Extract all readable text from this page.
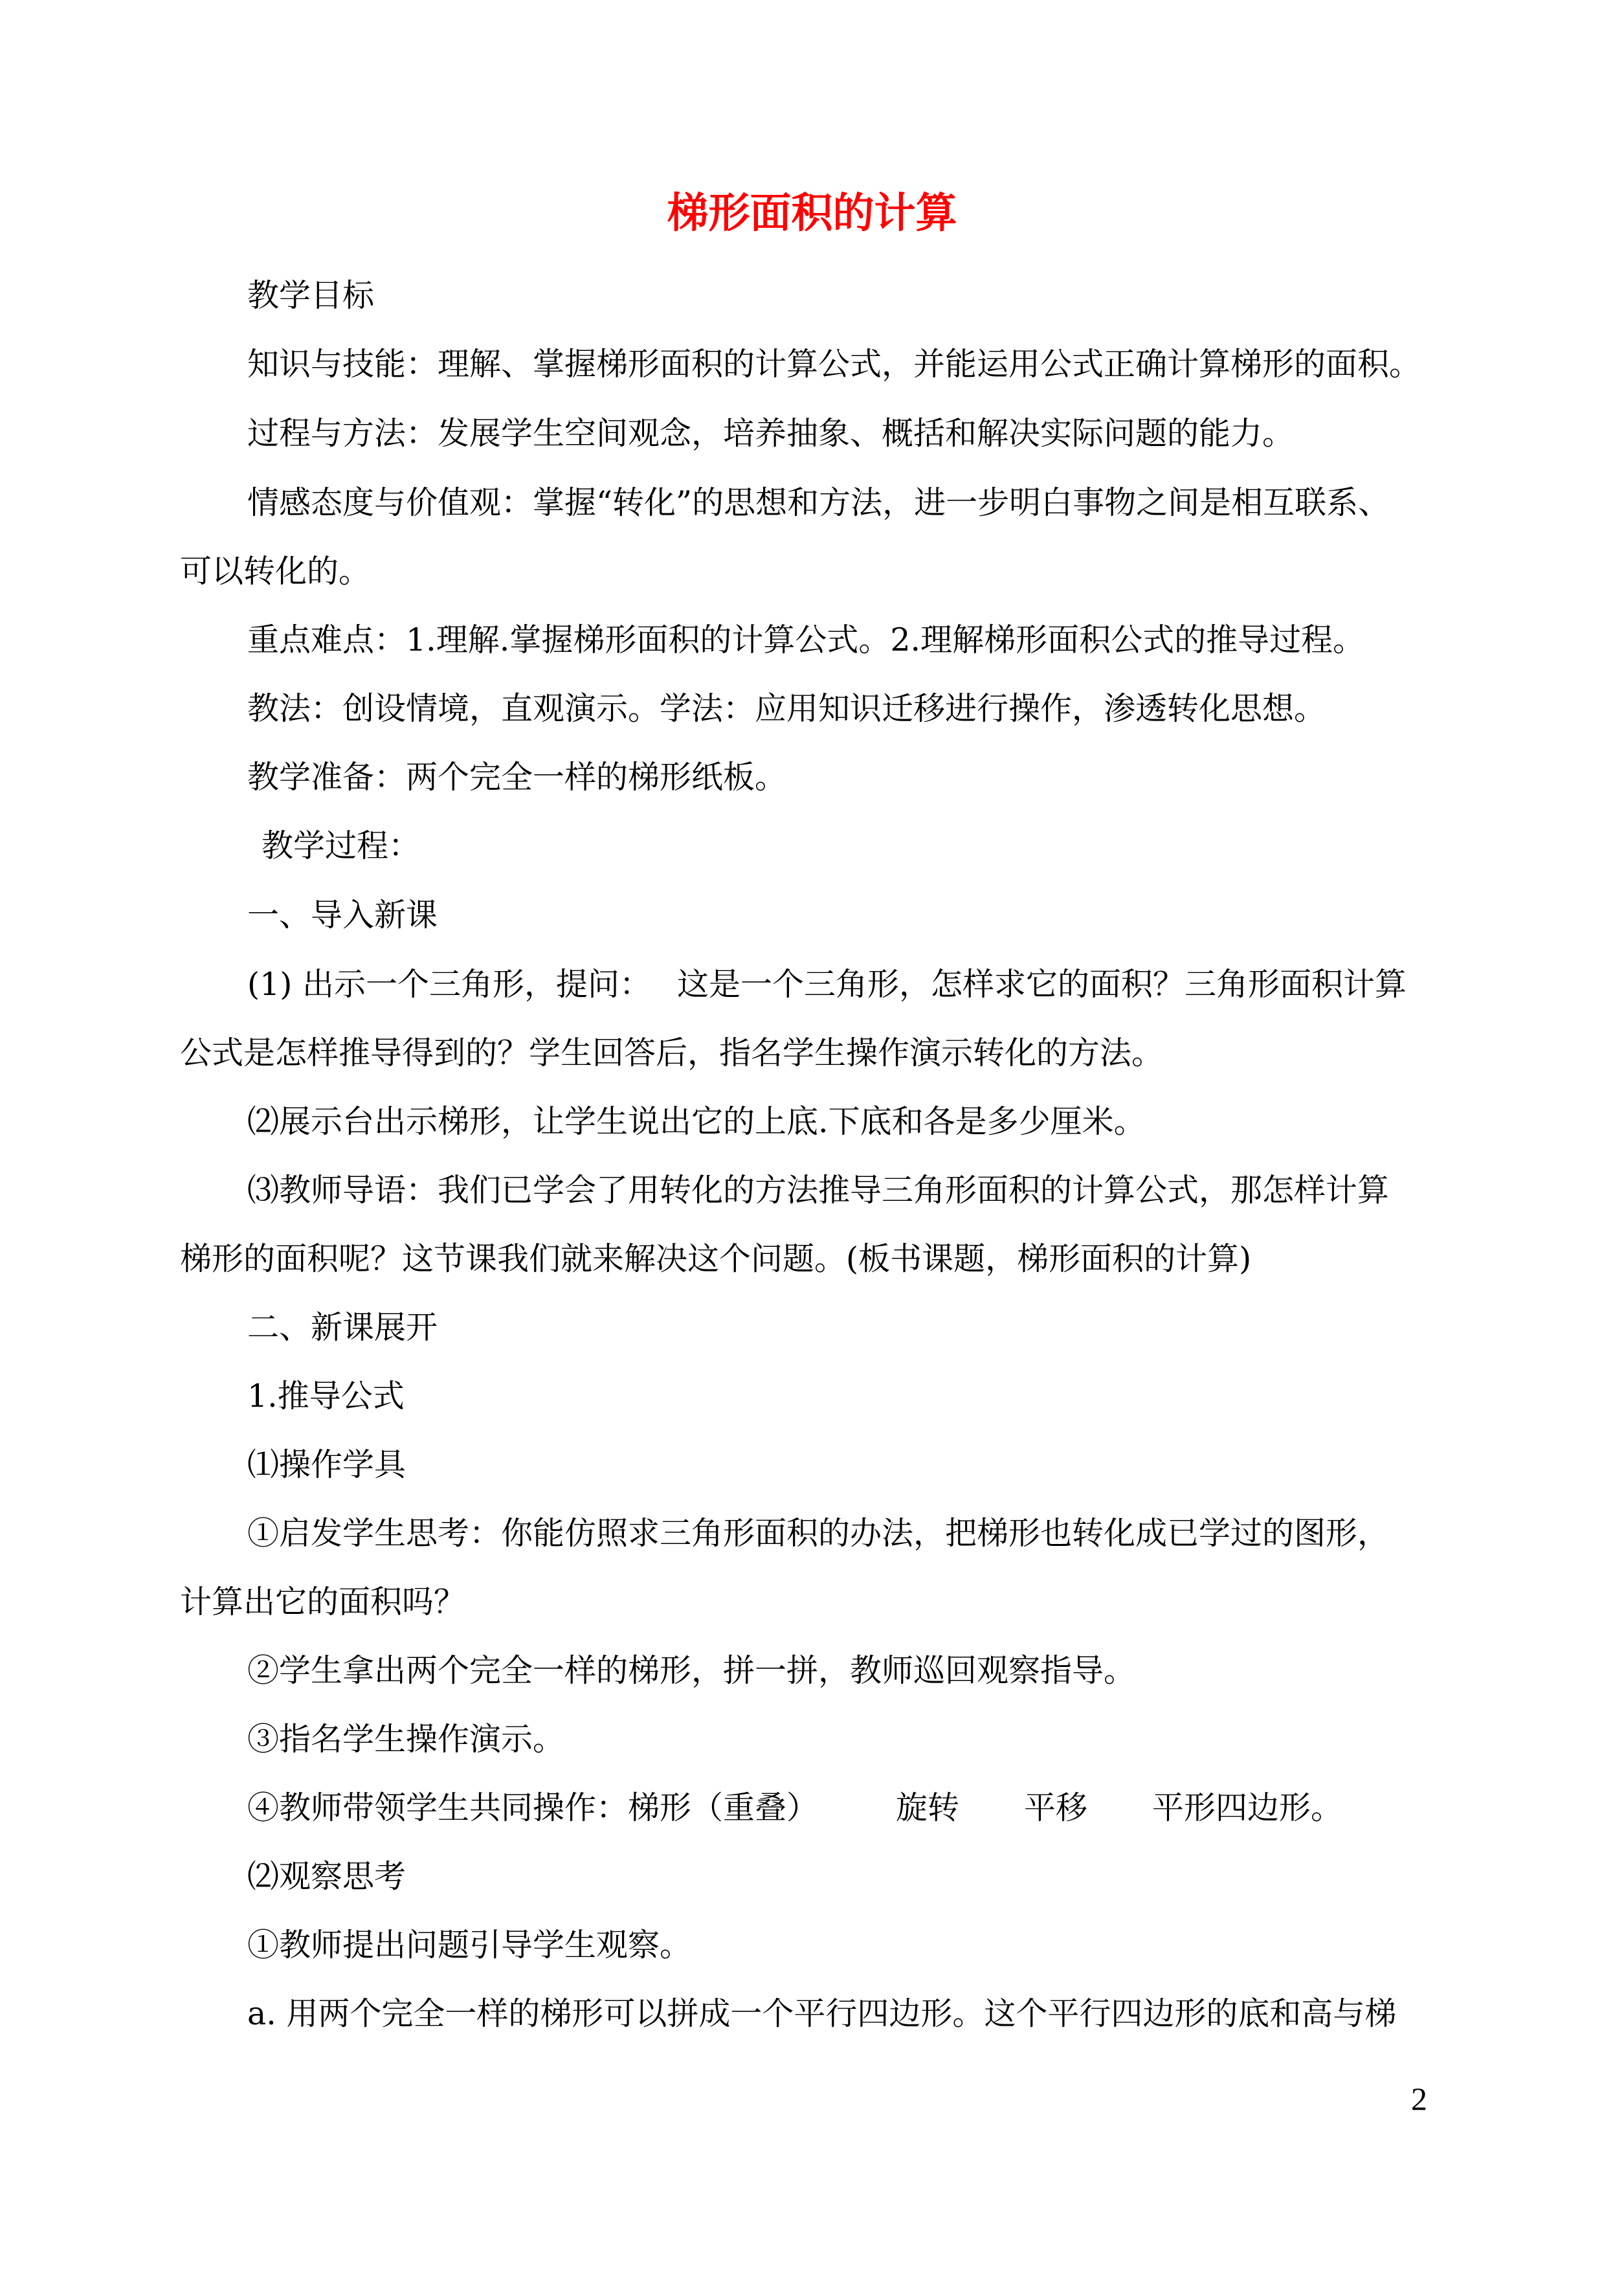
梯形面积的计算
教学目标
知识与技能：理解、掌握梯形面积的计算公式，并能运用公式正确计算梯形的面积。
过程与方法：发展学生空间观念，培养抽象、概括和解决实际问题的能力。
情感态度与价值观：掌握“转化”的思想和方法，进一步明白事物之间是相互联系、
可以转化的。
重点难点：1.理解.掌握梯形面积的计算公式。2.理解梯形面积公式的推导过程。
教法：创设情境，直观演示。学法：应用知识迁移进行操作，渗透转化思想。
教学准备：两个完全一样的梯形纸板。
教学过程：
一、导入新课
(1) 出示一个三角形，提问： 这是一个三角形，怎样求它的面积？三角形面积计算
公式是怎样推导得到的？学生回答后，指名学生操作演示转化的方法。
⑵展示台出示梯形，让学生说出它的上底.下底和各是多少厘米。
⑶教师导语：我们已学会了用转化的方法推导三角形面积的计算公式，那怎样计算
梯形的面积呢？这节课我们就来解决这个问题。(板书课题，梯形面积的计算)
二、新课展开
1.推导公式
⑴操作学具
①启发学生思考：你能仿照求三角形面积的办法，把梯形也转化成已学过的图形，
计算出它的面积吗？
②学生拿出两个完全一样的梯形，拼一拼，教师巡回观察指导。
③指名学生操作演示。
④教师带领学生共同操作：梯形（重叠） 旋转 平移 平形四边形。
⑵观察思考
①教师提出问题引导学生观察。
a. 用两个完全一样的梯形可以拼成一个平行四边形。这个平行四边形的底和高与梯
2
